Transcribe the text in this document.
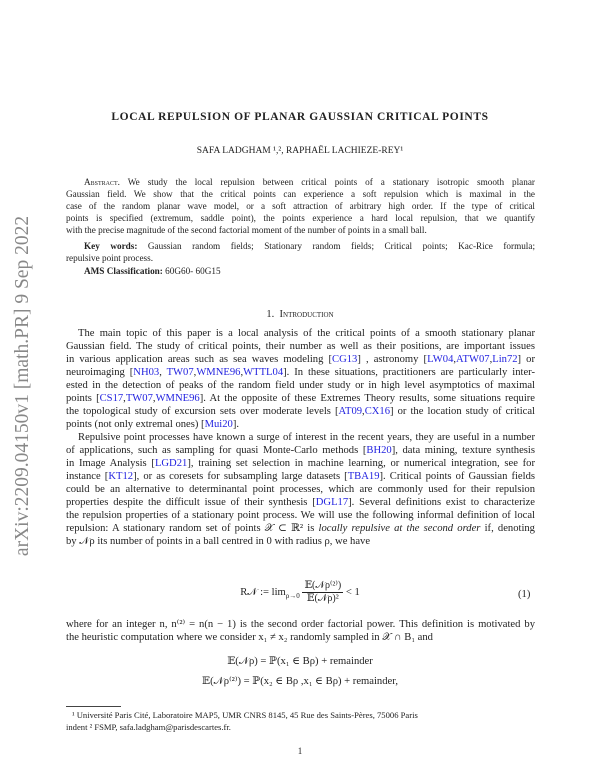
arXiv:2209.04150v1 [math.PR] 9 Sep 2022
LOCAL REPULSION OF PLANAR GAUSSIAN CRITICAL POINTS
SAFA LADGHAM ¹,², RAPHAËL LACHIEZE-REY¹
Abstract. We study the local repulsion between critical points of a stationary isotropic smooth planar
Gaussian field. We show that the critical points can experience a soft repulsion which is maximal in the
case of the random planar wave model, or a soft attraction of arbitrary high order. If the type of critical
points is specified (extremum, saddle point), the points experience a hard local repulsion, that we quantify
with the precise magnitude of the second factorial moment of the number of points in a small ball.
Key words: Gaussian random fields; Stationary random fields; Critical points; Kac-Rice formula;
repulsive point process.
AMS Classification: 60G60- 60G15
1. Introduction
The main topic of this paper is a local analysis of the critical points of a smooth stationary planar
Gaussian field. The study of critical points, their number as well as their positions, are important issues
in various application areas such as sea waves modeling [CG13] , astronomy [LW04,ATW07,Lin72] or
neuroimaging [NH03, TW07,WMNE96,WTTL04]. In these situations, practitioners are particularly inter-
ested in the detection of peaks of the random field under study or in high level asymptotics of maximal
points [CS17,TW07,WMNE96]. At the opposite of these Extremes Theory results, some situations require
the topological study of excursion sets over moderate levels [AT09,CX16] or the location study of critical
points (not only extremal ones) [Mui20].
Repulsive point processes have known a surge of interest in the recent years, they are useful in a number
of applications, such as sampling for quasi Monte-Carlo methods [BH20], data mining, texture synthesis
in Image Analysis [LGD21], training set selection in machine learning, or numerical integration, see for
instance [KT12], or as coresets for subsampling large datasets [TBA19]. Critical points of Gaussian fields
could be an alternative to determinantal point processes, which are commonly used for their repulsion
properties despite the difficult issue of their synthesis [DGL17]. Several definitions exist to characterize
the repulsion properties of a stationary point process. We will use the following informal definition of local
repulsion: A stationary random set of points 𝒳 ⊂ ℝ² is locally repulsive at the second order if, denoting
by 𝒩ρ its number of points in a ball centred in 0 with radius ρ, we have
R𝒩 := $\lim_{\rho\to 0} \frac{\text{𝔼(𝒩ρ⁽²⁾)}}{\text{𝔼(𝒩ρ)²}} < 1$	(1)
where for an integer n, n⁽²⁾ = n(n − 1) is the second order factorial power. This definition is motivated by
the heuristic computation where we consider x₁ ≠ x₂ randomly sampled in 𝒳 ∩ B₁ and
𝔼(𝒩ρ) = ℙ(x₁ ∈ Bρ) + remainder
𝔼(𝒩ρ⁽²⁾) = ℙ(x₂ ∈ Bρ ,x₁ ∈ Bρ) + remainder,
¹ Université Paris Cité, Laboratoire MAP5, UMR CNRS 8145, 45 Rue des Saints-Pères, 75006 Paris
indent ² FSMP, safa.ladgham@parisdescartes.fr.
1
